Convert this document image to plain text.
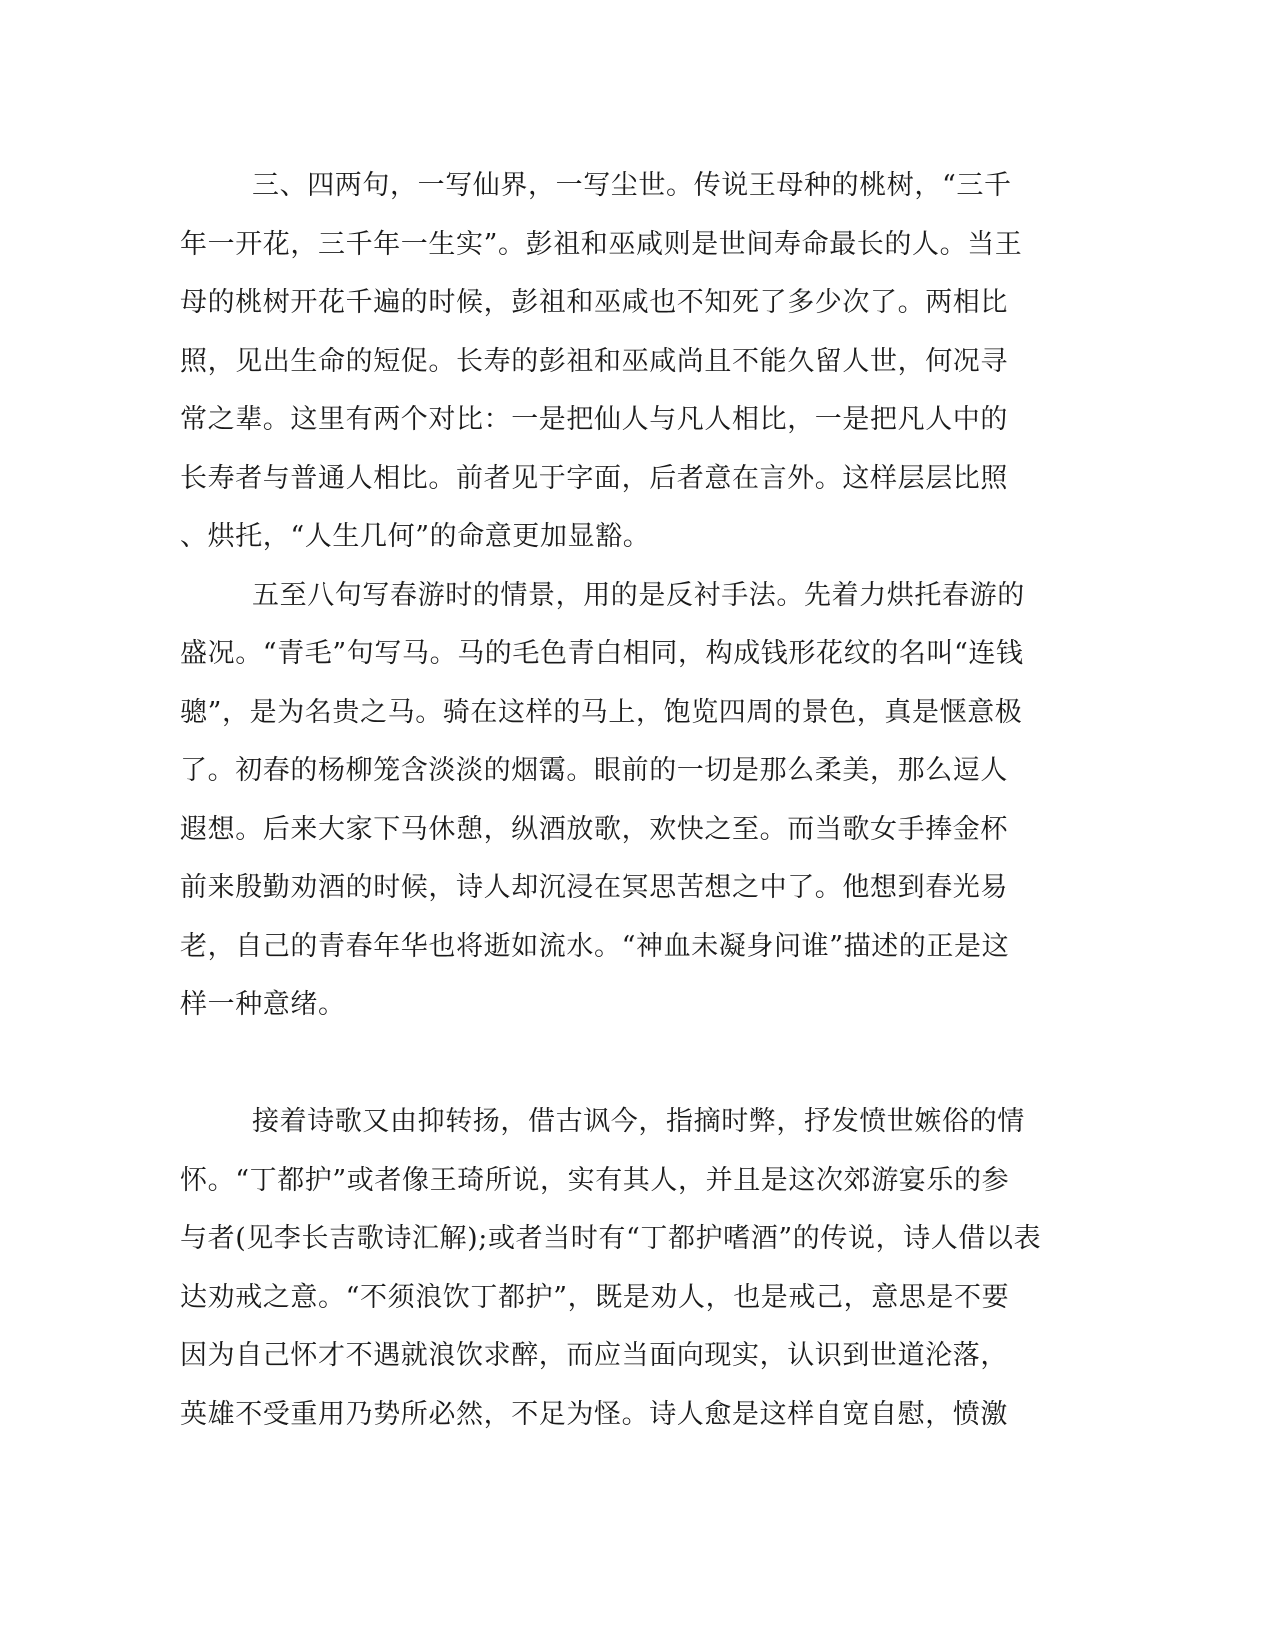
三、四两句，一写仙界，一写尘世。传说王母种的桃树，“三千
年一开花，三千年一生实”。彭祖和巫咸则是世间寿命最长的人。当王
母的桃树开花千遍的时候，彭祖和巫咸也不知死了多少次了。两相比
照，见出生命的短促。长寿的彭祖和巫咸尚且不能久留人世，何况寻
常之辈。这里有两个对比：一是把仙人与凡人相比，一是把凡人中的
长寿者与普通人相比。前者见于字面，后者意在言外。这样层层比照
、烘托，“人生几何”的命意更加显豁。
五至八句写春游时的情景，用的是反衬手法。先着力烘托春游的
盛况。“青毛”句写马。马的毛色青白相同，构成钱形花纹的名叫“连钱
骢”，是为名贵之马。骑在这样的马上，饱览四周的景色，真是惬意极
了。初春的杨柳笼含淡淡的烟霭。眼前的一切是那么柔美，那么逗人
遐想。后来大家下马休憩，纵酒放歌，欢快之至。而当歌女手捧金杯
前来殷勤劝酒的时候，诗人却沉浸在冥思苦想之中了。他想到春光易
老，自己的青春年华也将逝如流水。“神血未凝身问谁”描述的正是这
样一种意绪。
接着诗歌又由抑转扬，借古讽今，指摘时弊，抒发愤世嫉俗的情
怀。“丁都护”或者像王琦所说，实有其人，并且是这次郊游宴乐的参
与者(见李长吉歌诗汇解);或者当时有“丁都护嗜酒”的传说，诗人借以表
达劝戒之意。“不须浪饮丁都护”，既是劝人，也是戒己，意思是不要
因为自己怀才不遇就浪饮求醉，而应当面向现实，认识到世道沦落，
英雄不受重用乃势所必然，不足为怪。诗人愈是这样自宽自慰，愤激
